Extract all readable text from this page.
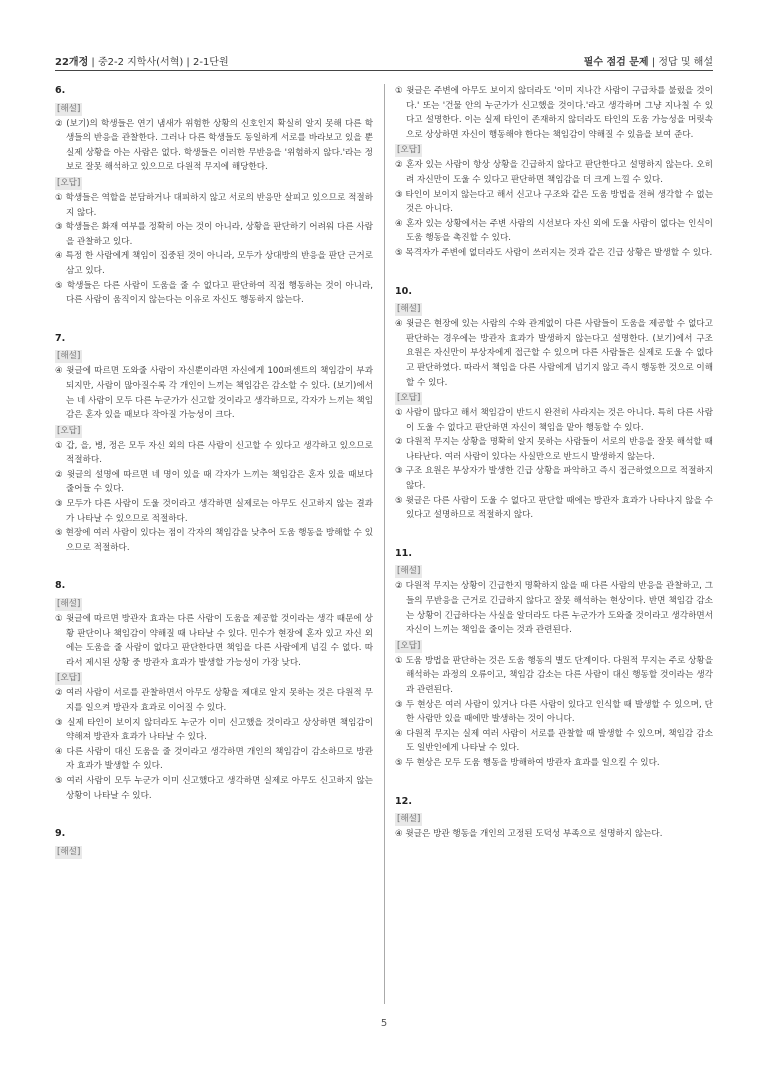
22개정 | 중2-2 지학사(서혁) | 2-1단원	필수 점검 문제 | 정답 및 해설
6.
[해설]
② (보기)의 학생들은 연기 냄새가 위험한 상황의 신호인지 확실히 알지 못해 다른 학생들의 반응을 관찰한다. 그러나 다른 학생들도 동일하게 서로를 바라보고 있을 뿐 실제 상황을 아는 사람은 없다. 학생들은 이러한 무반응을 '위험하지 않다.'라는 정보로 잘못 해석하고 있으므로 다원적 무지에 해당한다.
[오답]
① 학생들은 역할을 분담하거나 대피하지 않고 서로의 반응만 살피고 있으므로 적절하지 않다.
③ 학생들은 화재 여부를 정확히 아는 것이 아니라, 상황을 판단하기 어려워 다른 사람을 관찰하고 있다.
④ 특정 한 사람에게 책임이 집중된 것이 아니라, 모두가 상대방의 반응을 판단 근거로 삼고 있다.
⑤ 학생들은 다른 사람이 도움을 줄 수 없다고 판단하여 직접 행동하는 것이 아니라, 다른 사람이 움직이지 않는다는 이유로 자신도 행동하지 않는다.
7.
[해설]
④ 윗글에 따르면 도와줄 사람이 자신뿐이라면 자신에게 100퍼센트의 책임감이 부과되지만, 사람이 많아질수록 각 개인이 느끼는 책임감은 감소할 수 있다. (보기)에서는 네 사람이 모두 다른 누군가가 신고할 것이라고 생각하므로, 각자가 느끼는 책임감은 혼자 있을 때보다 작아질 가능성이 크다.
[오답]
① 갑, 을, 병, 정은 모두 자신 외의 다른 사람이 신고할 수 있다고 생각하고 있으므로 적절하다.
② 윗글의 설명에 따르면 네 명이 있을 때 각자가 느끼는 책임감은 혼자 있을 때보다 줄어들 수 있다.
③ 모두가 다른 사람이 도울 것이라고 생각하면 실제로는 아무도 신고하지 않는 결과가 나타날 수 있으므로 적절하다.
⑤ 현장에 여러 사람이 있다는 점이 각자의 책임감을 낮추어 도움 행동을 방해할 수 있으므로 적절하다.
8.
[해설]
① 윗글에 따르면 방관자 효과는 다른 사람이 도움을 제공할 것이라는 생각 때문에 상황 판단이나 책임감이 약해질 때 나타날 수 있다. 민수가 현장에 혼자 있고 자신 외에는 도움을 줄 사람이 없다고 판단한다면 책임을 다른 사람에게 넘길 수 없다. 따라서 제시된 상황 중 방관자 효과가 발생할 가능성이 가장 낮다.
[오답]
② 여러 사람이 서로를 관찰하면서 아무도 상황을 제대로 알지 못하는 것은 다원적 무지를 일으켜 방관자 효과로 이어질 수 있다.
③ 실제 타인이 보이지 않더라도 누군가 이미 신고했을 것이라고 상상하면 책임감이 약해져 방관자 효과가 나타날 수 있다.
④ 다른 사람이 대신 도움을 줄 것이라고 생각하면 개인의 책임감이 감소하므로 방관자 효과가 발생할 수 있다.
⑤ 여러 사람이 모두 누군가 이미 신고했다고 생각하면 실제로 아무도 신고하지 않는 상황이 나타날 수 있다.
9.
[해설]
① 윗글은 주변에 아무도 보이지 않더라도 '이미 지나간 사람이 구급차를 불렀을 것이다.' 또는 '건물 안의 누군가가 신고했을 것이다.'라고 생각하며 그냥 지나칠 수 있다고 설명한다. 이는 실제 타인이 존재하지 않더라도 타인의 도움 가능성을 머릿속으로 상상하면 자신이 행동해야 한다는 책임감이 약해질 수 있음을 보여 준다.
[오답]
② 혼자 있는 사람이 항상 상황을 긴급하지 않다고 판단한다고 설명하지 않는다. 오히려 자신만이 도울 수 있다고 판단하면 책임감을 더 크게 느낄 수 있다.
③ 타인이 보이지 않는다고 해서 신고나 구조와 같은 도움 방법을 전혀 생각할 수 없는 것은 아니다.
④ 혼자 있는 상황에서는 주변 사람의 시선보다 자신 외에 도울 사람이 없다는 인식이 도움 행동을 촉진할 수 있다.
⑤ 목격자가 주변에 없더라도 사람이 쓰러지는 것과 같은 긴급 상황은 발생할 수 있다.
10.
[해설]
④ 윗글은 현장에 있는 사람의 수와 관계없이 다른 사람들이 도움을 제공할 수 없다고 판단하는 경우에는 방관자 효과가 발생하지 않는다고 설명한다. (보기)에서 구조 요원은 자신만이 부상자에게 접근할 수 있으며 다른 사람들은 실제로 도울 수 없다고 판단하였다. 따라서 책임을 다른 사람에게 넘기지 않고 즉시 행동한 것으로 이해할 수 있다.
[오답]
① 사람이 많다고 해서 책임감이 반드시 완전히 사라지는 것은 아니다. 특히 다른 사람이 도울 수 없다고 판단하면 자신이 책임을 맡아 행동할 수 있다.
② 다원적 무지는 상황을 명확히 알지 못하는 사람들이 서로의 반응을 잘못 해석할 때 나타난다. 여러 사람이 있다는 사실만으로 반드시 발생하지 않는다.
③ 구조 요원은 부상자가 발생한 긴급 상황을 파악하고 즉시 접근하였으므로 적절하지 않다.
⑤ 윗글은 다른 사람이 도울 수 없다고 판단할 때에는 방관자 효과가 나타나지 않을 수 있다고 설명하므로 적절하지 않다.
11.
[해설]
② 다원적 무지는 상황이 긴급한지 명확하지 않을 때 다른 사람의 반응을 관찰하고, 그들의 무반응을 근거로 긴급하지 않다고 잘못 해석하는 현상이다. 반면 책임감 감소는 상황이 긴급하다는 사실을 알더라도 다른 누군가가 도와줄 것이라고 생각하면서 자신이 느끼는 책임을 줄이는 것과 관련된다.
[오답]
① 도움 방법을 판단하는 것은 도움 행동의 별도 단계이다. 다원적 무지는 주로 상황을 해석하는 과정의 오류이고, 책임감 감소는 다른 사람이 대신 행동할 것이라는 생각과 관련된다.
③ 두 현상은 여러 사람이 있거나 다른 사람이 있다고 인식할 때 발생할 수 있으며, 단 한 사람만 있을 때에만 발생하는 것이 아니다.
④ 다원적 무지는 실제 여러 사람이 서로를 관찰할 때 발생할 수 있으며, 책임감 감소도 일반인에게 나타날 수 있다.
⑤ 두 현상은 모두 도움 행동을 방해하여 방관자 효과를 일으킬 수 있다.
12.
[해설]
④ 윗글은 방관 행동을 개인의 고정된 도덕성 부족으로 설명하지 않는다.
5
